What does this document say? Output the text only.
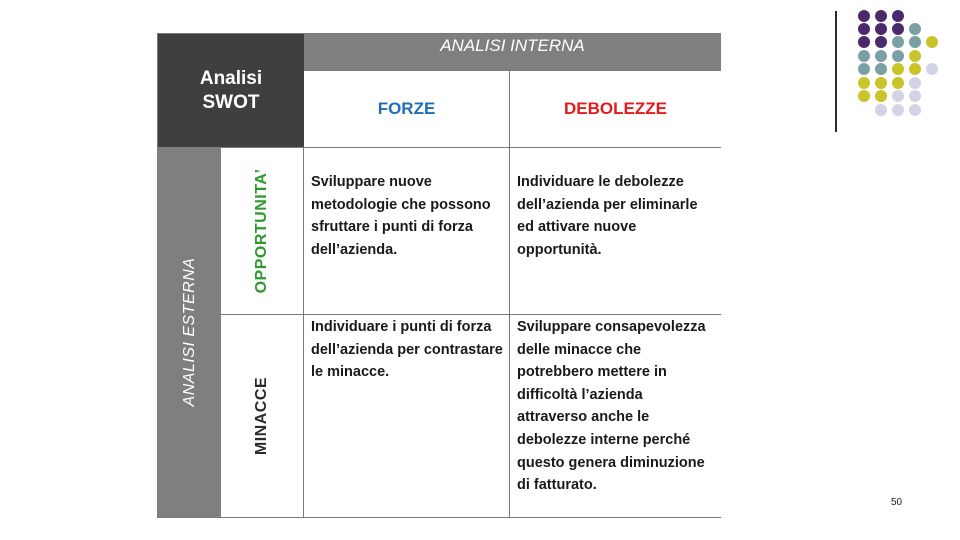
Analisi
SWOT
ANALISI INTERNA
FORZE	DEBOLEZZE
ANALISI ESTERNA
OPPORTUNITA’
MINACCE
Sviluppare nuove metodologie che possono sfruttare i punti di forza dell’azienda.
Individuare le debolezze dell’azienda per eliminarle ed attivare nuove opportunità.
Individuare i punti di forza dell’azienda per contrastare le minacce.
Sviluppare consapevolezza delle minacce che potrebbero mettere in difficoltà l’azienda attraverso anche le debolezze interne perché questo genera diminuzione di fatturato.
50
